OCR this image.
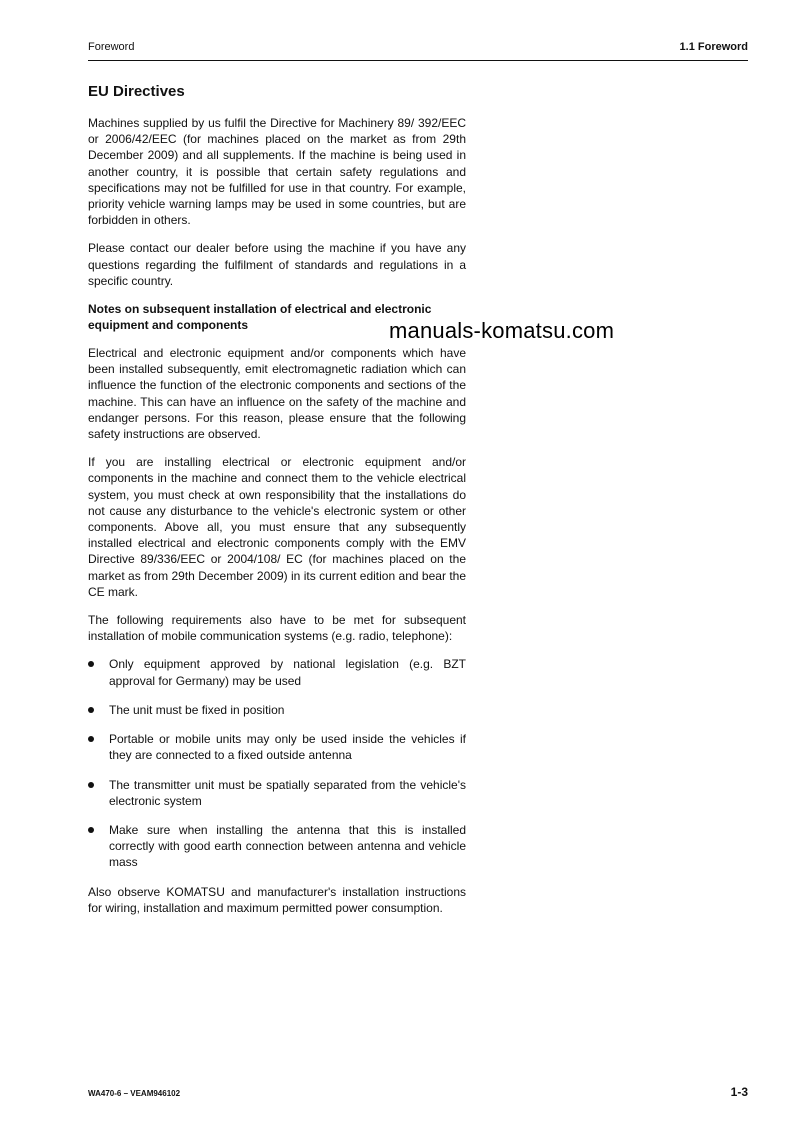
Foreword	1.1 Foreword
manuals-komatsu.com
EU Directives

Machines supplied by us fulfil the Directive for Machinery 89/ 392/EEC or 2006/42/EEC (for machines placed on the market as from 29th December 2009) and all supplements. If the machine is being used in another country, it is possible that certain safety regulations and specifications may not be fulfilled for use in that country. For example, priority vehicle warning lamps may be used in some countries, but are forbidden in others.

Please contact our dealer before using the machine if you have any questions regarding the fulfilment of standards and regulations in a specific country.

Notes on subsequent installation of electrical and electronic equipment and components

Electrical and electronic equipment and/or components which have been installed subsequently, emit electromagnetic radiation which can influence the function of the electronic components and sections of the machine. This can have an influence on the safety of the machine and endanger persons. For this reason, please ensure that the following safety instructions are observed.

If you are installing electrical or electronic equipment and/or components in the machine and connect them to the vehicle electrical system, you must check at own responsibility that the installations do not cause any disturbance to the vehicle's electronic system or other components. Above all, you must ensure that any subsequently installed electrical and electronic components comply with the EMV Directive 89/336/EEC or 2004/108/ EC (for machines placed on the market as from 29th December 2009) in its current edition and bear the CE mark.

The following requirements also have to be met for subsequent installation of mobile communication systems (e.g. radio, telephone):

Only equipment approved by national legislation (e.g. BZT approval for Germany) may be used
The unit must be fixed in position
Portable or mobile units may only be used inside the vehicles if they are connected to a fixed outside antenna
The transmitter unit must be spatially separated from the vehicle's electronic system
Make sure when installing the antenna that this is installed correctly with good earth connection between antenna and vehicle mass

Also observe KOMATSU and manufacturer's installation instructions for wiring, installation and maximum permitted power consumption.

WA470-6 – VEAM946102	1-3
